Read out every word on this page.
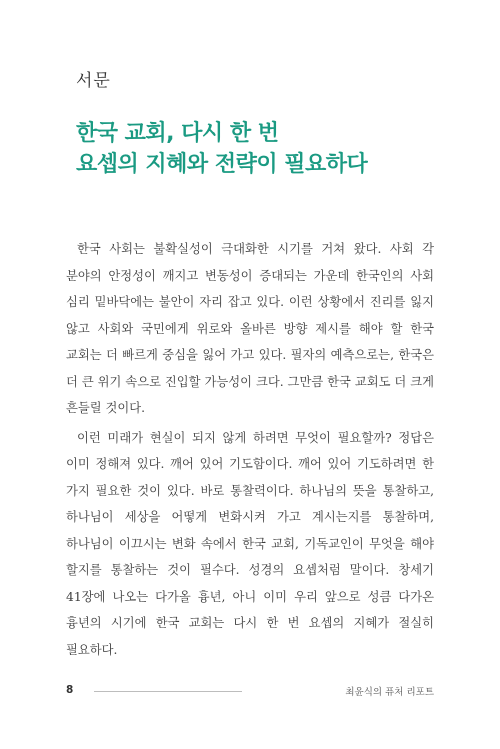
서문
한국 교회, 다시 한 번
요셉의 지혜와 전략이 필요하다

한국 사회는 불확실성이 극대화한 시기를 거쳐 왔다. 사회 각 분야의 안정성이 깨지고 변동성이 증대되는 가운데 한국인의 사회 심리 밑바닥에는 불안이 자리 잡고 있다. 이런 상황에서 진리를 잃지 않고 사회와 국민에게 위로와 올바른 방향 제시를 해야 할 한국 교회는 더 빠르게 중심을 잃어 가고 있다. 필자의 예측으로는, 한국은 더 큰 위기 속으로 진입할 가능성이 크다. 그만큼 한국 교회도 더 크게 흔들릴 것이다.

이런 미래가 현실이 되지 않게 하려면 무엇이 필요할까? 정답은 이미 정해져 있다. 깨어 있어 기도함이다. 깨어 있어 기도하려면 한 가지 필요한 것이 있다. 바로 통찰력이다. 하나님의 뜻을 통찰하고, 하나님이 세상을 어떻게 변화시켜 가고 계시는지를 통찰하며, 하나님이 이끄시는 변화 속에서 한국 교회, 기독교인이 무엇을 해야 할지를 통찰하는 것이 필수다. 성경의 요셉처럼 말이다. 창세기 41장에 나오는 다가올 흉년, 아니 이미 우리 앞으로 성큼 다가온 흉년의 시기에 한국 교회는 다시 한 번 요셉의 지혜가 절실히 필요하다.

8	최윤식의 퓨처 리포트
